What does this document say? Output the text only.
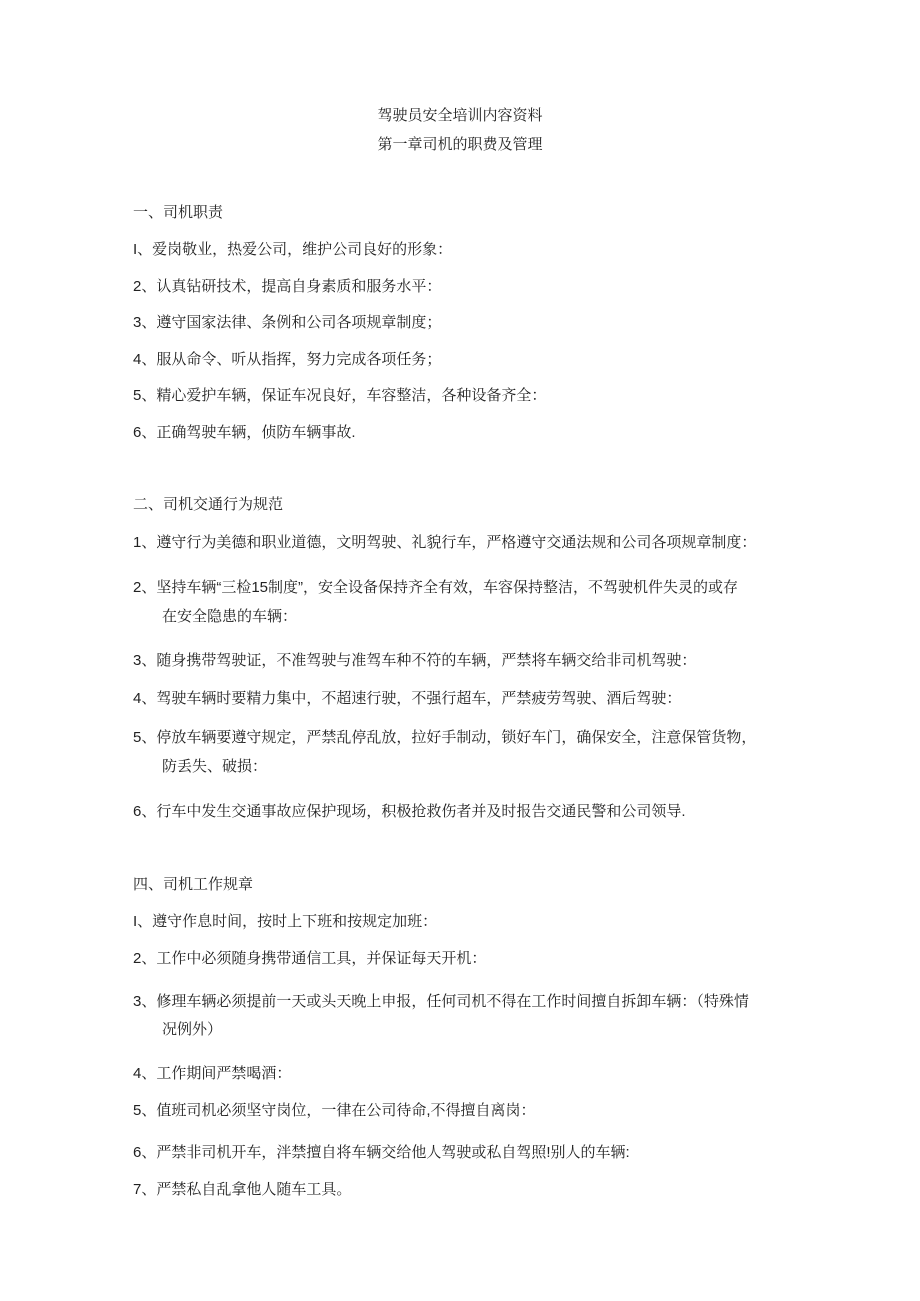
驾驶员安全培训内容资料
第一章司机的职费及管理
一、司机职责
I、爱岗敬业，热爱公司，维护公司良好的形象：
2、认真钻研技术，提高自身素质和服务水平：
3、遵守国家法律、条例和公司各项规章制度；
4、服从命令、听从指挥，努力完成各项任务；
5、精心爱护车辆，保证车况良好，车容整洁，各种设备齐全：
6、正确驾驶车辆，侦防车辆事故.
二、司机交通行为规范
1、遵守行为美德和职业道德，文明驾驶、礼貌行车，严格遵守交通法规和公司各项规章制度：
2、坚持车辆“三检15制度”，安全设备保持齐全有效，车容保持整洁，不驾驶机件失灵的或存
在安全隐患的车辆：
3、随身携带驾驶证，不准驾驶与准驾车种不符的车辆，严禁将车辆交给非司机驾驶：
4、驾驶车辆时要精力集中，不超速行驶，不强行超车，严禁疲劳驾驶、酒后驾驶：
5、停放车辆要遵守规定，严禁乱停乱放，拉好手制动，锁好车门，确保安全，注意保管货物，
防丢失、破损：
6、行车中发生交通事故应保护现场，积极抢救伤者并及时报告交通民警和公司领导.
四、司机工作规章
I、遵守作息时间，按时上下班和按规定加班：
2、工作中必须随身携带通信工具，并保证每天开机：
3、修理车辆必须提前一天或头天晚上申报，任何司机不得在工作时间擅自拆卸车辆：（特殊情
况例外）
4、工作期间严禁喝酒：
5、值班司机必须坚守岗位，一律在公司待命,不得擅自离岗：
6、严禁非司机开车，泮禁擅自将车辆交给他人驾驶或私自驾照!别人的车辆:
7、严禁私自乱拿他人随车工具。
